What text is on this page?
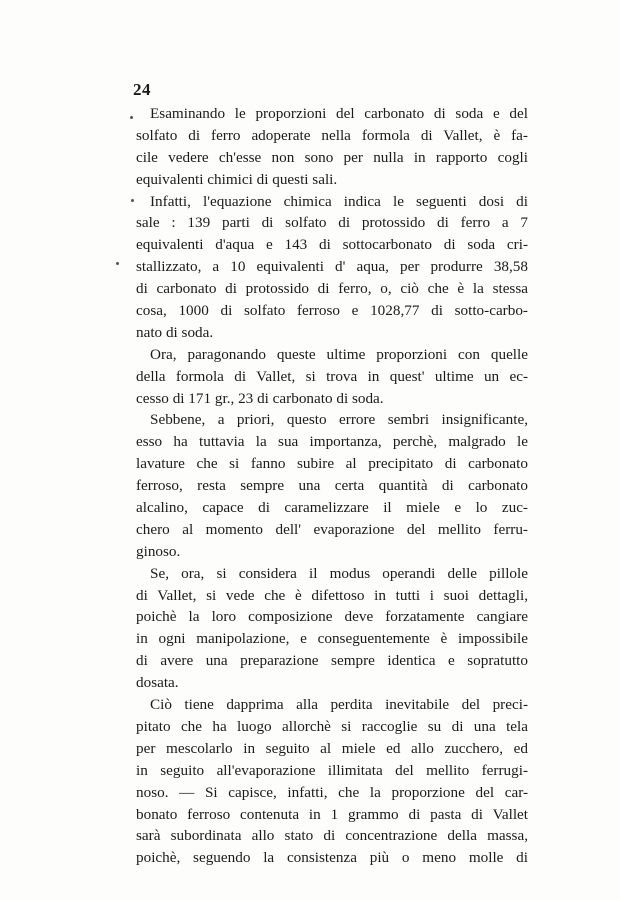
24
Esaminando le proporzioni del carbonato di soda e del
solfato di ferro adoperate nella formola di Vallet, è fa-
cile vedere ch'esse non sono per nulla in rapporto cogli
equivalenti chimici di questi sali.
Infatti, l'equazione chimica indica le seguenti dosi di
sale : 139 parti di solfato di protossido di ferro a 7
equivalenti d'aqua e 143 di sottocarbonato di soda cri-
stallizzato, a 10 equivalenti d' aqua, per produrre 38,58
di carbonato di protossido di ferro, o, ciò che è la stessa
cosa, 1000 di solfato ferroso e 1028,77 di sotto-carbo-
nato di soda.
Ora, paragonando queste ultime proporzioni con quelle
della formola di Vallet, si trova in quest' ultime un ec-
cesso di 171 gr., 23 di carbonato di soda.
Sebbene, a priori, questo errore sembri insignificante,
esso ha tuttavia la sua importanza, perchè, malgrado le
lavature che si fanno subire al precipitato di carbonato
ferroso, resta sempre una certa quantità di carbonato
alcalino, capace di caramelizzare il miele e lo zuc-
chero al momento dell' evaporazione del mellito ferru-
ginoso.
Se, ora, si considera il modus operandi delle pillole
di Vallet, si vede che è difettoso in tutti i suoi dettagli,
poichè la loro composizione deve forzatamente cangiare
in ogni manipolazione, e conseguentemente è impossibile
di avere una preparazione sempre identica e sopratutto
dosata.
Ciò tiene dapprima alla perdita inevitabile del preci-
pitato che ha luogo allorchè si raccoglie su di una tela
per mescolarlo in seguito al miele ed allo zucchero, ed
in seguito all'evaporazione illimitata del mellito ferrugi-
noso. — Si capisce, infatti, che la proporzione del car-
bonato ferroso contenuta in 1 grammo di pasta di Vallet
sarà subordinata allo stato di concentrazione della massa,
poichè, seguendo la consistenza più o meno molle di
